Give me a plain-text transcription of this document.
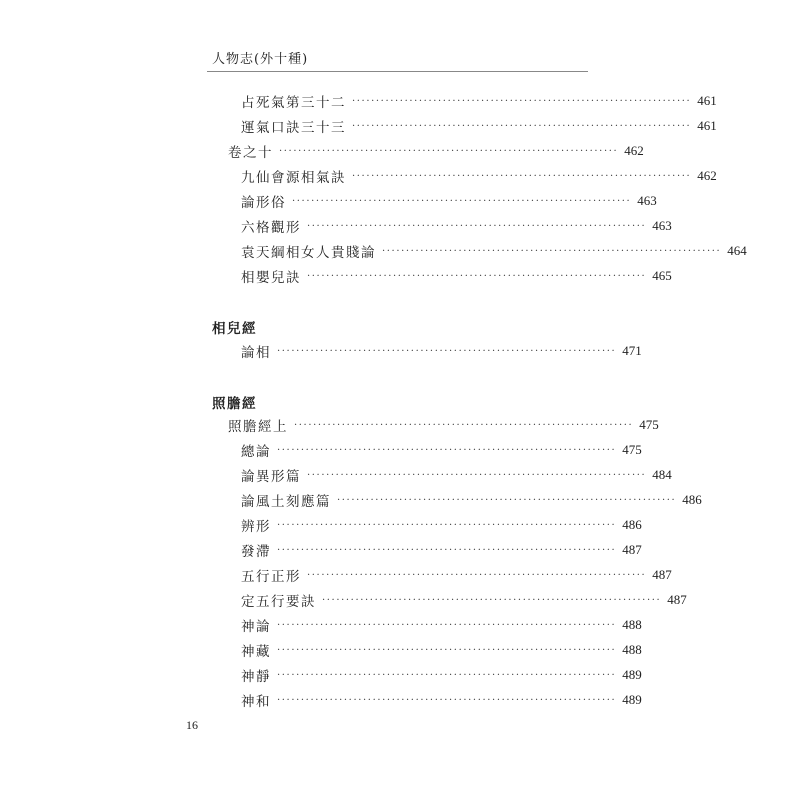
人物志(外十種)
占死氣第三十二 ······································································· 461
運氣口訣三十三 ······································································· 461
卷之十 ······································································· 462
九仙會源相氣訣 ······································································· 462
論形俗 ······································································· 463
六格觀形 ······································································· 463
袁天綱相女人貴賤論 ······································································· 464
相嬰兒訣 ······································································· 465
相兒經
論相 ······································································· 471
照膽經
照膽經上 ······································································· 475
總論 ······································································· 475
論異形篇 ······································································· 484
論風土刻應篇 ······································································· 486
辨形 ······································································· 486
發滯 ······································································· 487
五行正形 ······································································· 487
定五行要訣 ······································································· 487
神論 ······································································· 488
神藏 ······································································· 488
神靜 ······································································· 489
神和 ······································································· 489
16
